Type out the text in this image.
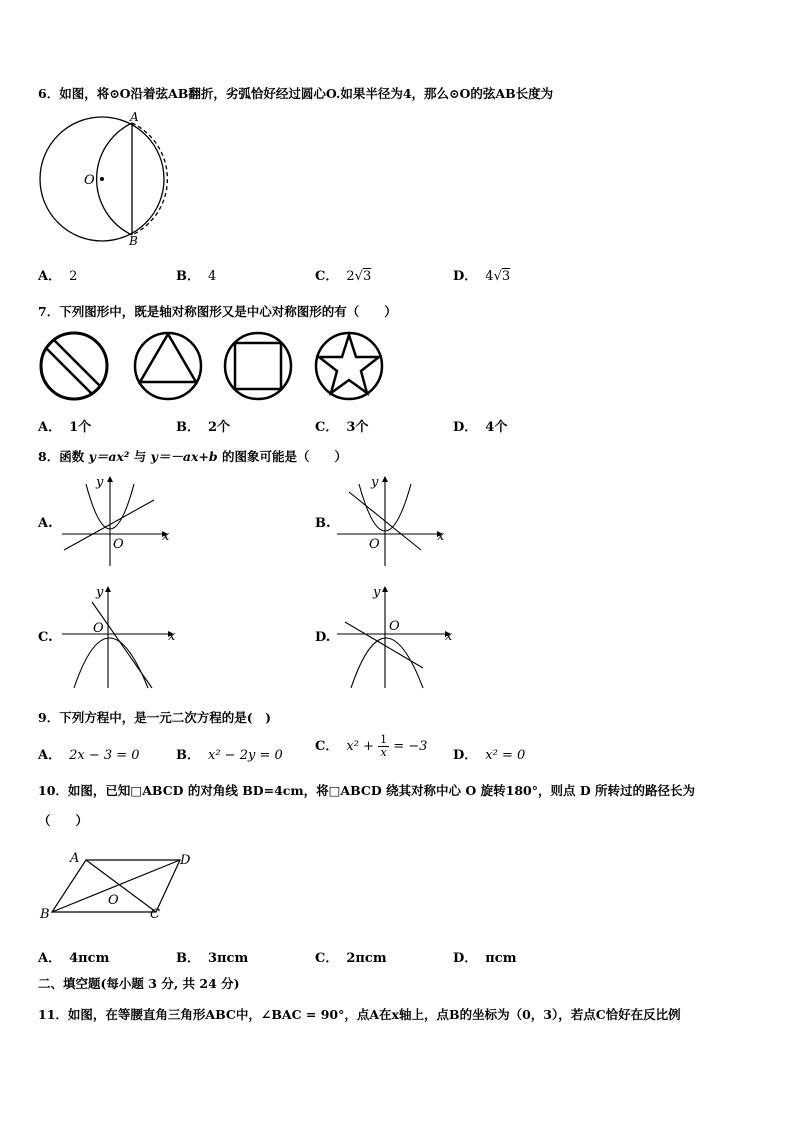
6．如图，将⊙O沿着弦AB翻折，劣弧恰好经过圆心O.如果半径为4，那么⊙O的弦AB长度为
O
A
B
A． 2	B． 4	C． 2√3	D． 4√3
7．下列图形中，既是轴对称图形又是中心对称图形的有（　　）
A． 1个	B． 2个	C． 3个	D． 4个
8．函数 y＝ax² 与 y＝－ax+b 的图象可能是（　　）
A.
x
y
O
B.
x
y
O
C.	x
y
O
D.	x
y
O
9．下列方程中，是一元二次方程的是(　)
A． 2x − 3 = 0	B． x² − 2y = 0
C． $x^2 + \frac{1}{x} = -3$
D． x² = 0
10．如图，已知□ABCD 的对角线 BD=4cm，将□ABCD 绕其对称中心 O 旋转180°，则点 D 所转过的路径长为
（　　）
A	D
B	C
O
A． 4πcm	B． 3πcm	C． 2πcm	D． πcm
二、填空题(每小题 3 分, 共 24 分)
11．如图，在等腰直角三角形ABC中，∠BAC = 90°，点A在x轴上，点B的坐标为（0，3），若点C恰好在反比例
